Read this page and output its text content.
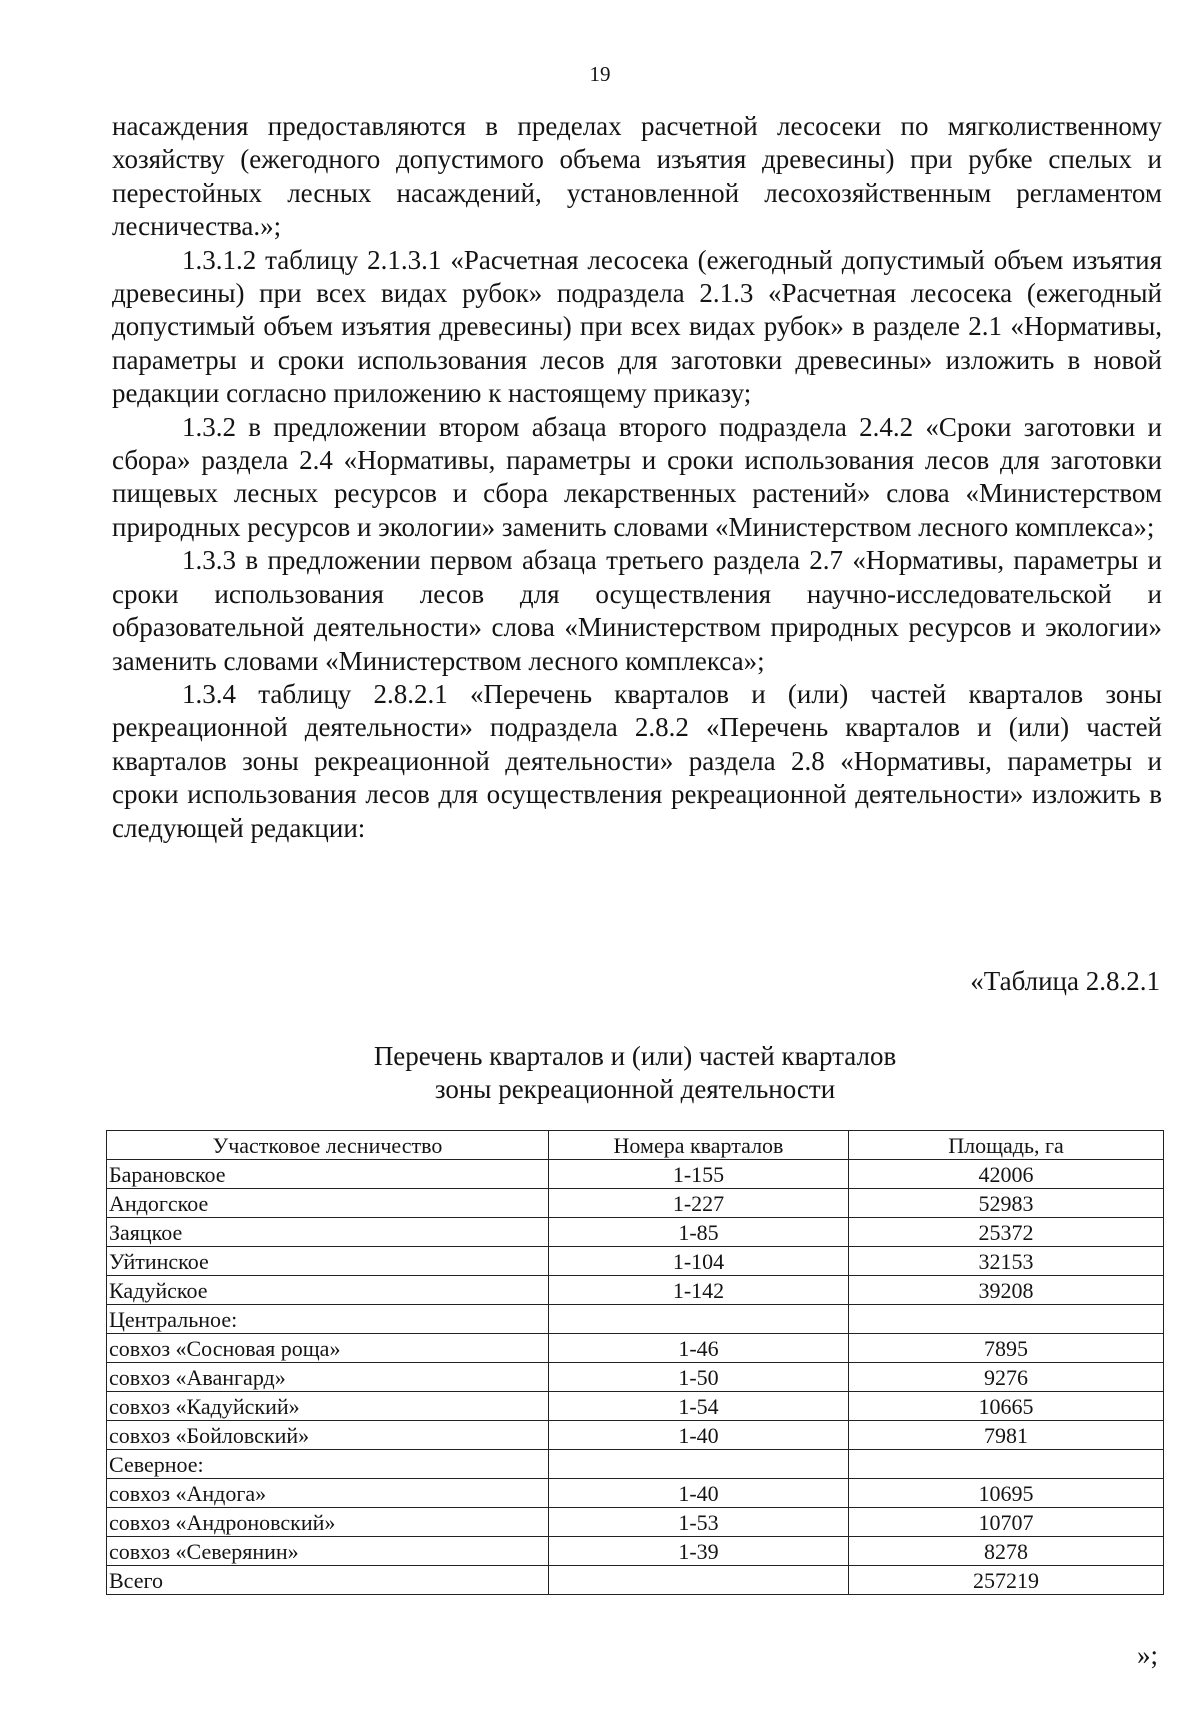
19

насаждения предоставляются в пределах расчетной лесосеки по мягколиственному хозяйству (ежегодного допустимого объема изъятия древесины) при рубке спелых и перестойных лесных насаждений, установленной лесохозяйственным регламентом лесничества.»;

1.3.1.2 таблицу 2.1.3.1 «Расчетная лесосека (ежегодный допустимый объем изъятия древесины) при всех видах рубок» подраздела 2.1.3 «Расчетная лесосека (ежегодный допустимый объем изъятия древесины) при всех видах рубок» в разделе 2.1 «Нормативы, параметры и сроки использования лесов для заготовки древесины» изложить в новой редакции согласно приложению к настоящему приказу;

1.3.2 в предложении втором абзаца второго подраздела 2.4.2 «Сроки заготовки и сбора» раздела 2.4 «Нормативы, параметры и сроки использования лесов для заготовки пищевых лесных ресурсов и сбора лекарственных растений» слова «Министерством природных ресурсов и экологии» заменить словами «Министерством лесного комплекса»;

1.3.3 в предложении первом абзаца третьего раздела 2.7 «Нормативы, параметры и сроки использования лесов для осуществления научно-исследовательской и образовательной деятельности» слова «Министерством природных ресурсов и экологии» заменить словами «Министерством лесного комплекса»;

1.3.4 таблицу 2.8.2.1 «Перечень кварталов и (или) частей кварталов зоны рекреационной деятельности» подраздела 2.8.2 «Перечень кварталов и (или) частей кварталов зоны рекреационной деятельности» раздела 2.8 «Нормативы, параметры и сроки использования лесов для осуществления рекреационной деятельности» изложить в следующей редакции:

«Таблица 2.8.2.1
Перечень кварталов и (или) частей кварталов
зоны рекреационной деятельности
Участковое лесничество	Номера кварталов	Площадь, га
Барановское	1-155	42006
Андогское	1-227	52983
Заяцкое	1-85	25372
Уйтинское	1-104	32153
Кадуйское	1-142	39208
Центральное:		
совхоз «Сосновая роща»	1-46	7895
совхоз «Авангард»	1-50	9276
совхоз «Кадуйский»	1-54	10665
совхоз «Бойловский»	1-40	7981
Северное:		
совхоз «Андога»	1-40	10695
совхоз «Андроновский»	1-53	10707
совхоз «Северянин»	1-39	8278
Всего		257219
»;
